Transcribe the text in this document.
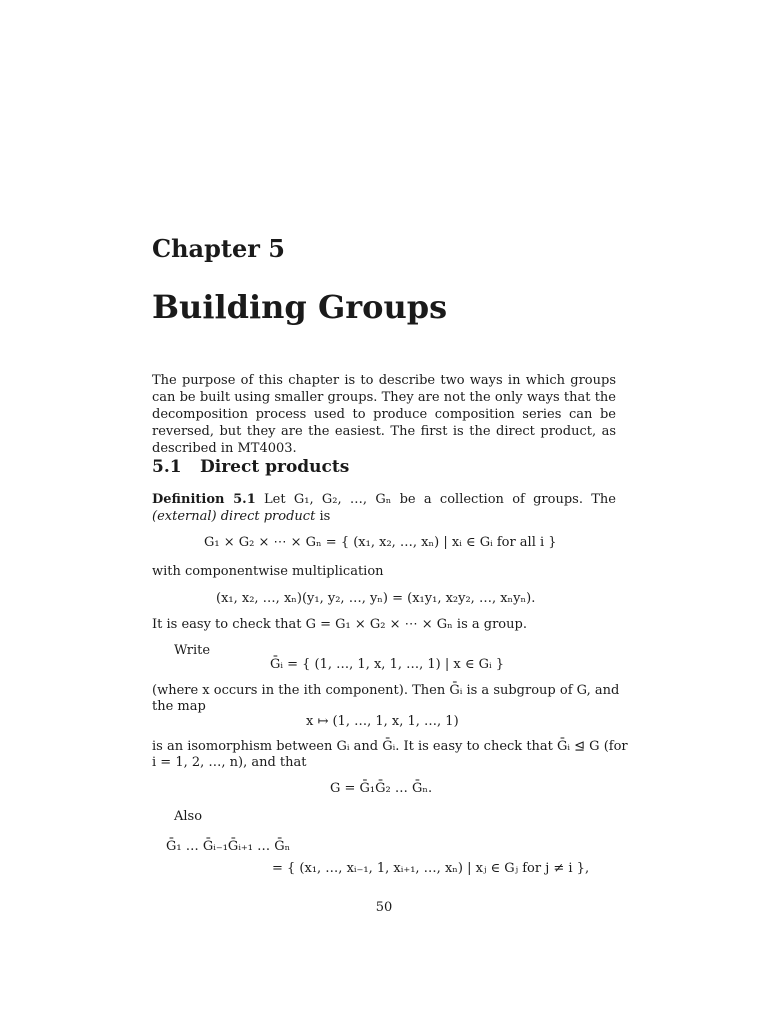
Chapter 5
Building Groups
The purpose of this chapter is to describe two ways in which groups can be built using smaller groups. They are not the only ways that the decomposition process used to produce composition series can be reversed, but they are the easiest. The first is the direct product, as described in MT4003.
5.1 Direct products
Definition 5.1 Let G₁, G₂, …, Gₙ be a collection of groups. The (external) direct product is
G₁ × G₂ × ⋯ × Gₙ = { (x₁, x₂, …, xₙ) | xᵢ ∈ Gᵢ for all i }
with componentwise multiplication
(x₁, x₂, …, xₙ)(y₁, y₂, …, yₙ) = (x₁y₁, x₂y₂, …, xₙyₙ).
It is easy to check that G = G₁ × G₂ × ⋯ × Gₙ is a group.
Write
Ḡᵢ = { (1, …, 1, x, 1, …, 1) | x ∈ Gᵢ }
(where x occurs in the ith component). Then Ḡᵢ is a subgroup of G, and
the map
x ↦ (1, …, 1, x, 1, …, 1)
is an isomorphism between Gᵢ and Ḡᵢ. It is easy to check that Ḡᵢ ⊴ G (for
i = 1, 2, …, n), and that
G = Ḡ₁Ḡ₂ … Ḡₙ.
Also
Ḡ₁ … Ḡᵢ₋₁Ḡᵢ₊₁ … Ḡₙ
= { (x₁, …, xᵢ₋₁, 1, xᵢ₊₁, …, xₙ) | xⱼ ∈ Gⱼ for j ≠ i },
50
